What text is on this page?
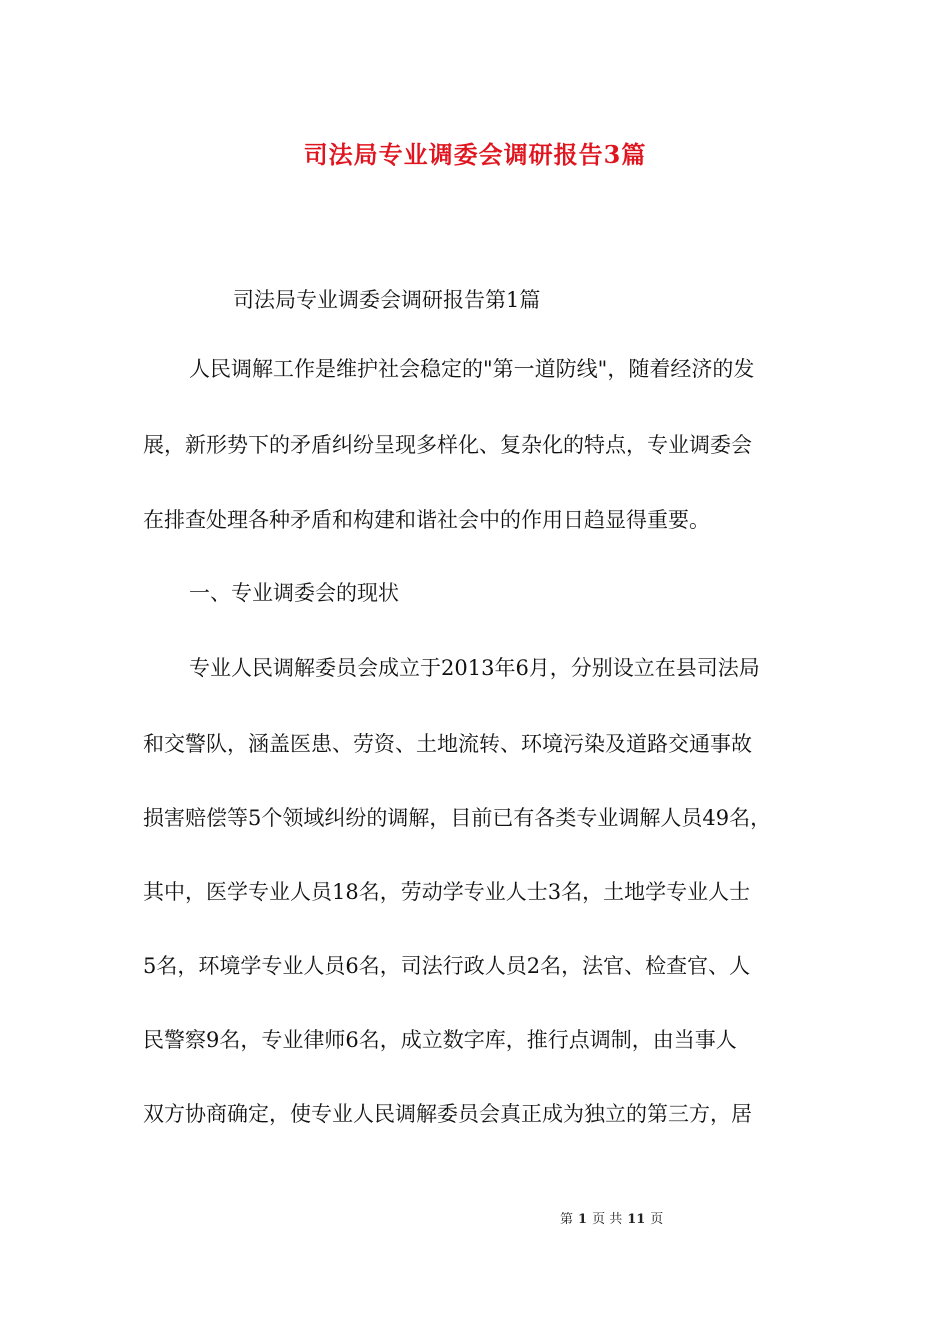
司法局专业调委会调研报告3篇

司法局专业调委会调研报告第1篇

人民调解工作是维护社会稳定的"第一道防线"，随着经济的发

展，新形势下的矛盾纠纷呈现多样化、复杂化的特点，专业调委会

在排查处理各种矛盾和构建和谐社会中的作用日趋显得重要。

一、专业调委会的现状

专业人民调解委员会成立于2013年6月，分别设立在县司法局

和交警队，涵盖医患、劳资、土地流转、环境污染及道路交通事故

损害赔偿等5个领域纠纷的调解，目前已有各类专业调解人员49名，

其中，医学专业人员18名，劳动学专业人士3名，土地学专业人士

5名，环境学专业人员6名，司法行政人员2名，法官、检查官、人

民警察9名，专业律师6名，成立数字库，推行点调制，由当事人

双方协商确定，使专业人民调解委员会真正成为独立的第三方，居

第 1 页 共 11 页
